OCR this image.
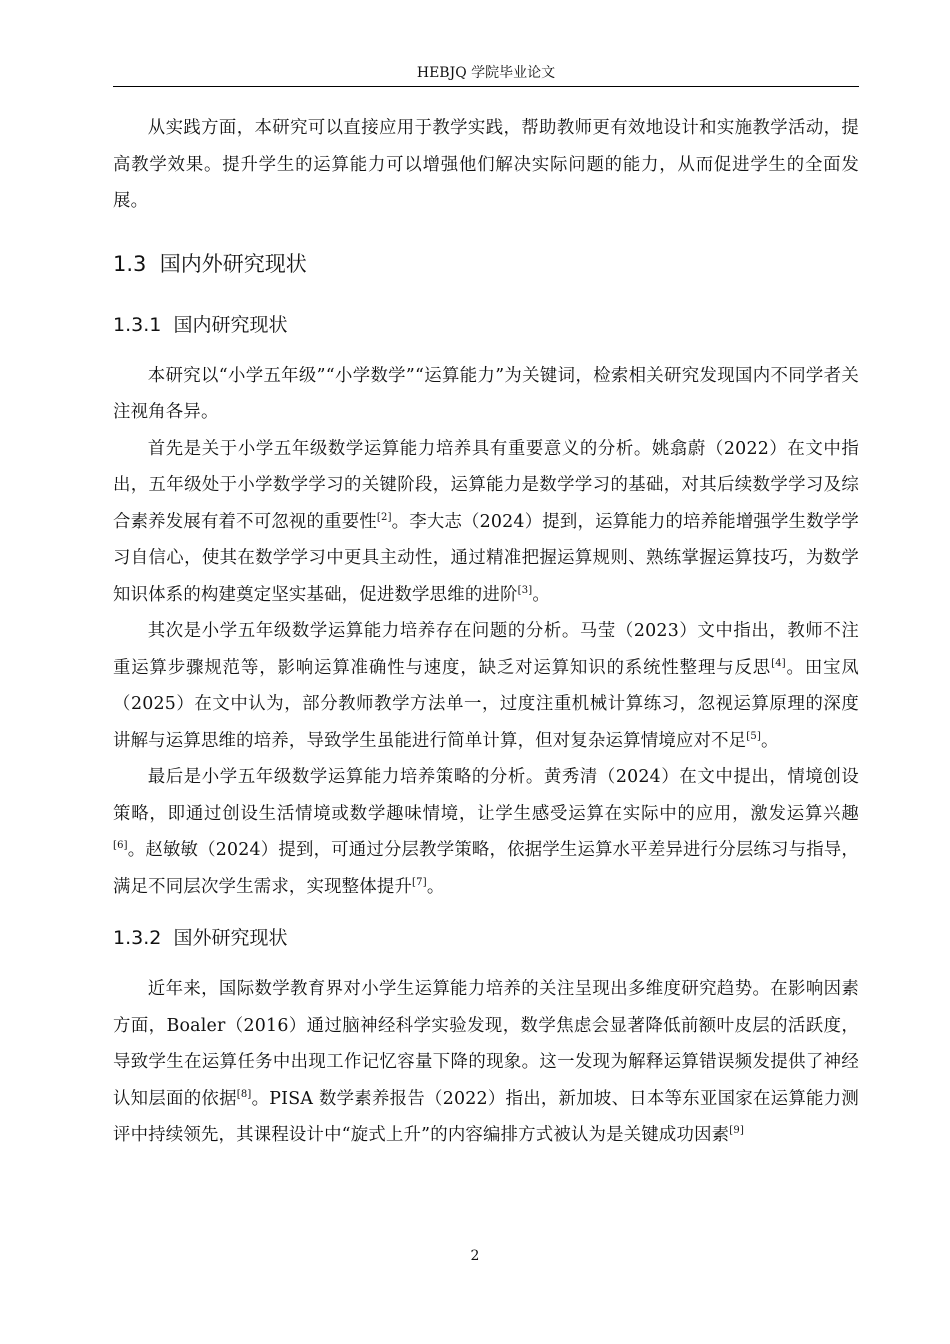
HEBJQ 学院毕业论文

从实践方面，本研究可以直接应用于教学实践，帮助教师更有效地设计和实施教学活动，提高教学效果。提升学生的运算能力可以增强他们解决实际问题的能力，从而促进学生的全面发展。

1.3 国内外研究现状
1.3.1 国内研究现状

本研究以“小学五年级”“小学数学”“运算能力”为关键词，检索相关研究发现国内不同学者关注视角各异。

首先是关于小学五年级数学运算能力培养具有重要意义的分析。姚翕蔚（2022）在文中指出，五年级处于小学数学学习的关键阶段，运算能力是数学学习的基础，对其后续数学学习及综合素养发展有着不可忽视的重要性[2]。李大志（2024）提到，运算能力的培养能增强学生数学学习自信心，使其在数学学习中更具主动性，通过精准把握运算规则、熟练掌握运算技巧，为数学知识体系的构建奠定坚实基础，促进数学思维的进阶[3]。

其次是小学五年级数学运算能力培养存在问题的分析。马莹（2023）文中指出，教师不注重运算步骤规范等，影响运算准确性与速度，缺乏对运算知识的系统性整理与反思[4]。田宝凤（2025）在文中认为，部分教师教学方法单一，过度注重机械计算练习，忽视运算原理的深度讲解与运算思维的培养，导致学生虽能进行简单计算，但对复杂运算情境应对不足[5]。

最后是小学五年级数学运算能力培养策略的分析。黄秀清（2024）在文中提出，情境创设策略，即通过创设生活情境或数学趣味情境，让学生感受运算在实际中的应用，激发运算兴趣[6]。赵敏敏（2024）提到，可通过分层教学策略，依据学生运算水平差异进行分层练习与指导，满足不同层次学生需求，实现整体提升[7]。

1.3.2 国外研究现状

近年来，国际数学教育界对小学生运算能力培养的关注呈现出多维度研究趋势。在影响因素方面，Boaler（2016）通过脑神经科学实验发现，数学焦虑会显著降低前额叶皮层的活跃度，导致学生在运算任务中出现工作记忆容量下降的现象。这一发现为解释运算错误频发提供了神经认知层面的依据[8]。PISA 数学素养报告（2022）指出，新加坡、日本等东亚国家在运算能力测评中持续领先，其课程设计中“旋式上升”的内容编排方式被认为是关键成功因素[9]

2
